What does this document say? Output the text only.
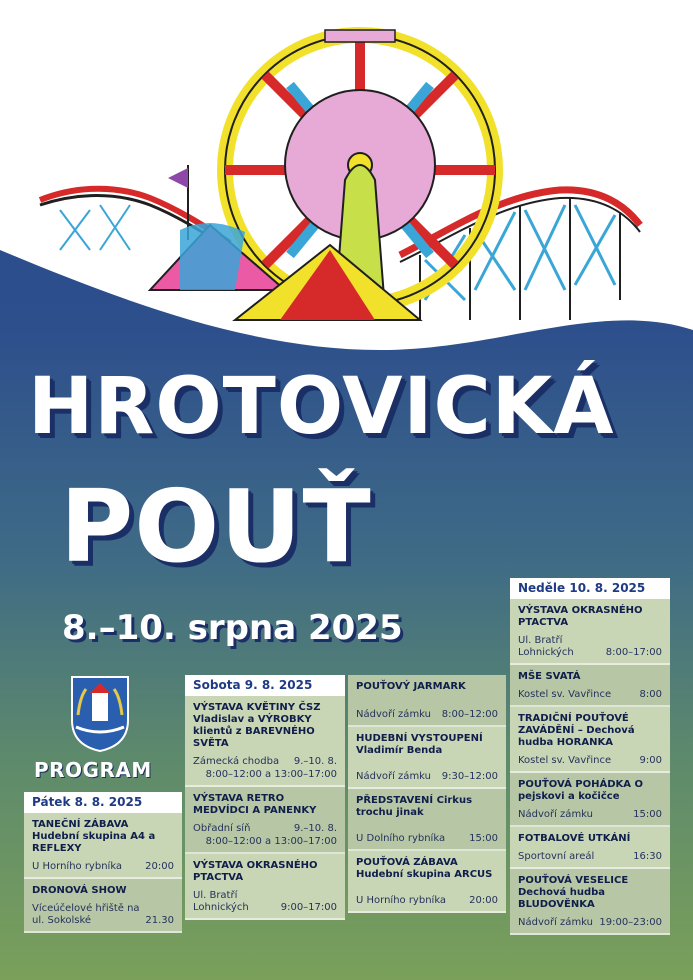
HROTOVICKÁ
POUŤ
8.–10. srpna 2025
PROGRAM
Pátek 8. 8. 2025
TANEČNÍ ZÁBAVA Hudební skupina A4 a REFLEXY
U Horního rybníka	20:00
DRONOVÁ SHOW
Víceúčelové hřiště na ul. Sokolské	21.30
Sobota 9. 8. 2025
VÝSTAVA KVĚTINY ČSZ Vladislav a VÝROBKY klientů z BAREVNÉHO SVĚTA
Zámecká chodba	9.–10. 8.
8:00–12:00 a 13:00–17:00
VÝSTAVA RETRO MEDVÍDCI A PANENKY
Obřadní síň	9.–10. 8.
8:00–12:00 a 13:00–17:00
VÝSTAVA OKRASNÉHO PTACTVA
Ul. Bratří Lohnických	9:00–17:00
POUŤOVÝ JARMARK
Nádvoří zámku	8:00–12:00
HUDEBNÍ VYSTOUPENÍ Vladimír Benda
Nádvoří zámku	9:30–12:00
PŘEDSTAVENÍ Cirkus trochu jinak
U Dolního rybníka	15:00
POUŤOVÁ ZÁBAVA Hudební skupina ARCUS
U Horního rybníka	20:00
Neděle 10. 8. 2025
VÝSTAVA OKRASNÉHO PTACTVA
Ul. Bratří Lohnických	8:00–17:00
MŠE SVATÁ
Kostel sv. Vavřince	8:00
TRADIČNÍ POUŤOVÉ ZAVÁDĚNÍ – Dechová hudba HORANKA
Kostel sv. Vavřince	9:00
POUŤOVÁ POHÁDKA O pejskovi a kočičce
Nádvoří zámku	15:00
FOTBALOVÉ UTKÁNÍ
Sportovní areál	16:30
POUŤOVÁ VESELICE Dechová hudba BLUDOVĚNKA
Nádvoří zámku 19:00–23:00
